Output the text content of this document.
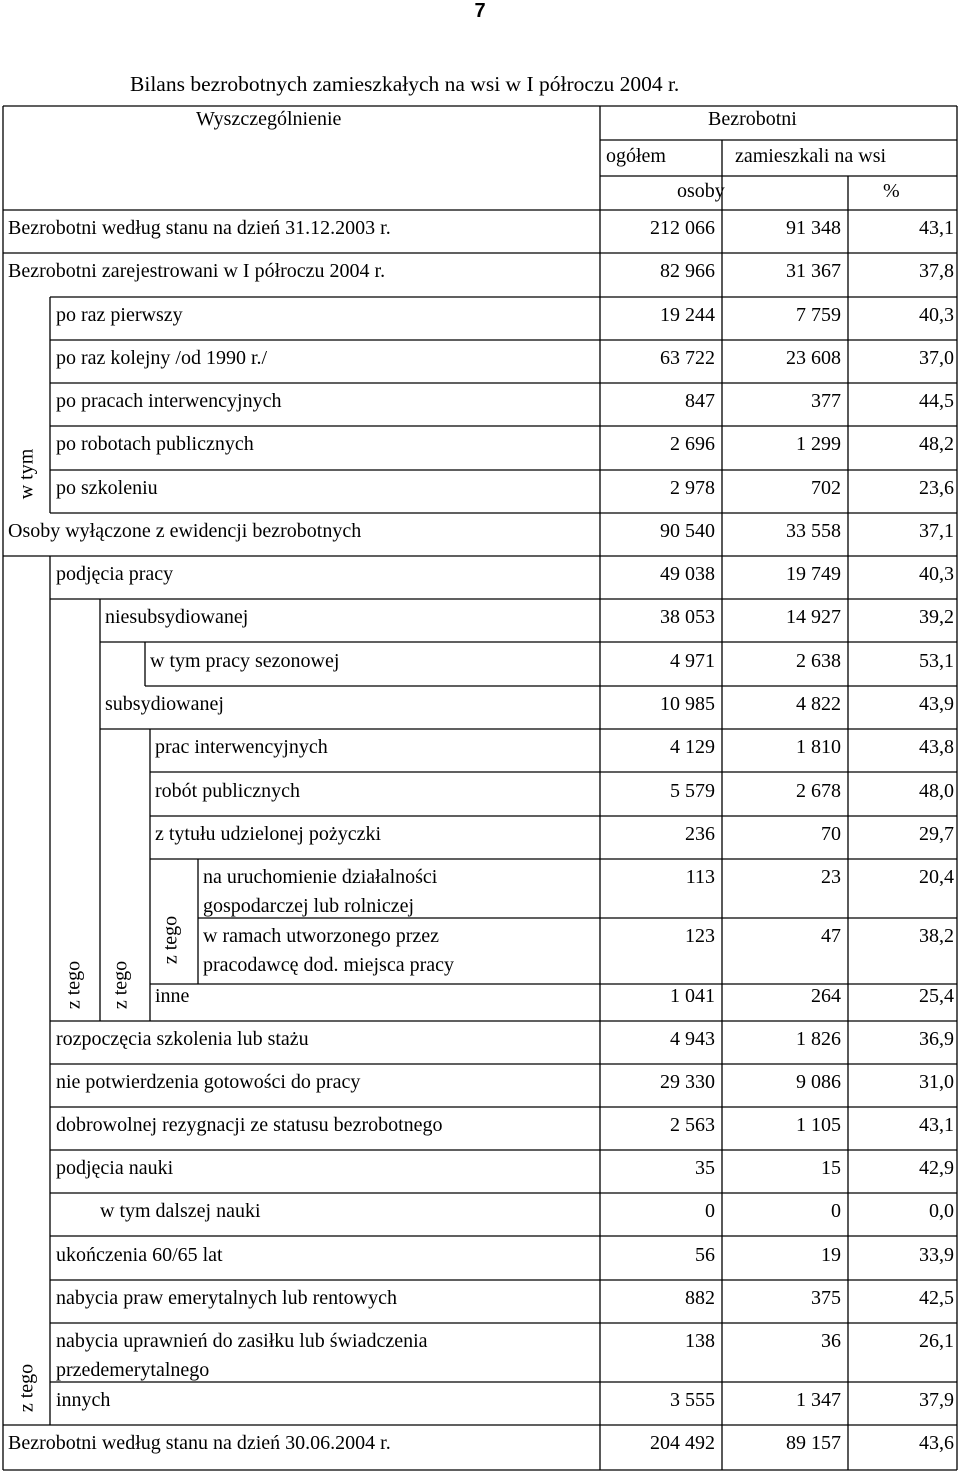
7
Bilans bezrobotnych zamieszkałych na wsi w I półroczu 2004 r.
Wyszczególnienie	Bezrobotni
ogółem	zamieszkali na wsi
osoby	%
w tym
z tego
z tego z tego
z tego
Bezrobotni według stanu na dzień 31.12.2003 r.	212 066	91 348	43,1
Bezrobotni zarejestrowani w I półroczu 2004 r.	82 966	31 367	37,8
po raz pierwszy	19 244	7 759	40,3
po raz kolejny /od 1990 r./	63 722	23 608	37,0
po pracach interwencyjnych	847	377	44,5
po robotach publicznych	2 696	1 299	48,2
po szkoleniu	2 978	702	23,6
Osoby wyłączone z ewidencji bezrobotnych	90 540	33 558	37,1
podjęcia pracy	49 038	19 749	40,3
niesubsydiowanej	38 053	14 927	39,2
w tym pracy sezonowej	4 971	2 638	53,1
subsydiowanej	10 985	4 822	43,9
prac interwencyjnych	4 129	1 810	43,8
robót publicznych	5 579	2 678	48,0
z tytułu udzielonej pożyczki	236	70	29,7
na uruchomienie działalności
gospodarczej lub rolniczej
113	23	20,4
w ramach utworzonego przez
pracodawcę dod. miejsca pracy
123	47	38,2
inne	1 041	264	25,4
rozpoczęcia szkolenia lub stażu	4 943	1 826	36,9
nie potwierdzenia gotowości do pracy	29 330	9 086	31,0
dobrowolnej rezygnacji ze statusu bezrobotnego	2 563	1 105	43,1
podjęcia nauki	35	15	42,9
w tym dalszej nauki	0	0	0,0
ukończenia 60/65 lat	56	19	33,9
nabycia praw emerytalnych lub rentowych	882	375	42,5
nabycia uprawnień do zasiłku lub świadczenia
przedemerytalnego
138	36	26,1
innych	3 555	1 347	37,9
Bezrobotni według stanu na dzień 30.06.2004 r.	204 492	89 157	43,6
